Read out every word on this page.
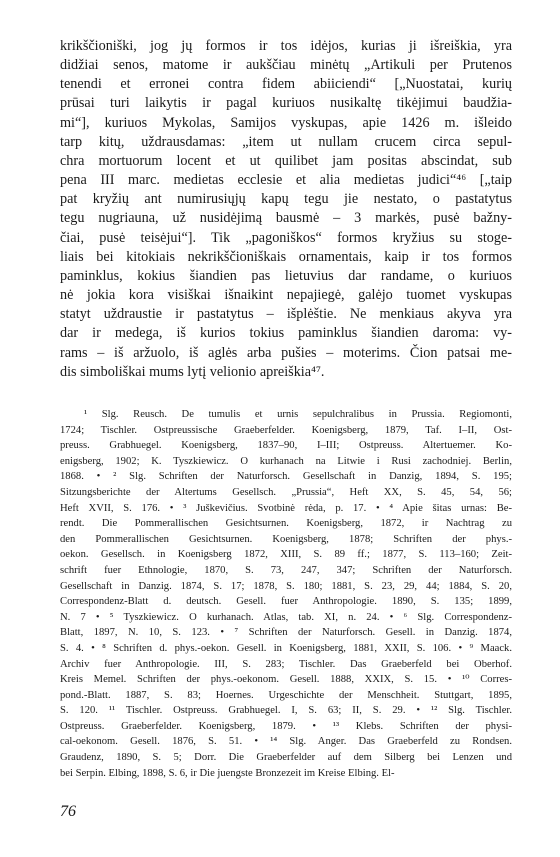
krikščioniški, jog jų formos ir tos idėjos, kurias ji išreiškia, yra
didžiai senos, matome ir aukščiau minėtų „Artikuli per Prutenos
tenendi et erronei contra fidem abiiciendi“ [„Nuostatai, kurių
prūsai turi laikytis ir pagal kuriuos nusikaltę tikėjimui baudžia-
mi“], kuriuos Mykolas, Samijos vyskupas, apie 1426 m. išleido
tarp kitų, uždrausdamas: „item ut nullam crucem circa sepul-
chra mortuorum locent et ut quilibet jam positas abscindat, sub
pena III marc. medietas ecclesie et alia medietas judici“⁴⁶ [„taip
pat kryžių ant numirusiųjų kapų tegu jie nestato, o pastatytus
tegu nugriauna, už nusidėjimą bausmė – 3 markės, pusė bažny-
čiai, pusė teisėjui“]. Tik „pagoniškos“ formos kryžius su stoge-
liais bei kitokiais nekrikščioniškais ornamentais, kaip ir tos formos
paminklus, kokius šiandien pas lietuvius dar randame, o kuriuos
nė jokia kora visiškai išnaikint nepajiegė, galėjo tuomet vyskupas
statyt uždraustie ir pastatytus – išplėštie. Ne menkiaus akyva yra
dar ir medega, iš kurios tokius paminklus šiandien daroma: vy-
rams – iš aržuolo, iš aglės arba pušies – moterims. Čion patsai me-
dis simboliškai mums lytį velionio apreiškia⁴⁷.
¹ Slg. Reusch. De tumulis et urnis sepulchralibus in Prussia. Regiomonti,
1724; Tischler. Ostpreussische Graeberfelder. Koenigsberg, 1879, Taf. I–II, Ost-
preuss. Grabhuegel. Koenigsberg, 1837–90, I–III; Ostpreuss. Altertuemer. Ko-
enigsberg, 1902; K. Tyszkiewicz. O kurhanach na Litwie i Rusi zachodniej. Berlin,
1868. • ² Slg. Schriften der Naturforsch. Gesellschaft in Danzig, 1894, S. 195;
Sitzungsberichte der Altertums Gesellsch. „Prussia“, Heft XX, S. 45, 54, 56;
Heft XVII, S. 176. • ³ Juškevičius. Svotbinė rėda, p. 17. • ⁴ Apie šitas urnas: Be-
rendt. Die Pommerallischen Gesichtsurnen. Koenigsberg, 1872, ir Nachtrag zu
den Pommerallischen Gesichtsurnen. Koenigsberg, 1878; Schriften der phys.-
oekon. Gesellsch. in Koenigsberg 1872, XIII, S. 89 ff.; 1877, S. 113–160; Zeit-
schrift fuer Ethnologie, 1870, S. 73, 247, 347; Schriften der Naturforsch.
Gesellschaft in Danzig. 1874, S. 17; 1878, S. 180; 1881, S. 23, 29, 44; 1884, S. 20,
Correspondenz-Blatt d. deutsch. Gesell. fuer Anthropologie. 1890, S. 135; 1899,
N. 7 • ⁵ Tyszkiewicz. O kurhanach. Atlas, tab. XI, n. 24. • ⁶ Slg. Correspondenz-
Blatt, 1897, N. 10, S. 123. • ⁷ Schriften der Naturforsch. Gesell. in Danzig. 1874,
S. 4. • ⁸ Schriften d. phys.-oekon. Gesell. in Koenigsberg, 1881, XXII, S. 106. • ⁹ Maack.
Archiv fuer Anthropologie. III, S. 283; Tischler. Das Graeberfeld bei Oberhof.
Kreis Memel. Schriften der phys.-oekonom. Gesell. 1888, XXIX, S. 15. • ¹⁰ Corres-
pond.-Blatt. 1887, S. 83; Hoernes. Urgeschichte der Menschheit. Stuttgart, 1895,
S. 120. ¹¹ Tischler. Ostpreuss. Grabhuegel. I, S. 63; II, S. 29. • ¹² Slg. Tischler.
Ostpreuss. Graeberfelder. Koenigsberg, 1879. • ¹³ Klebs. Schriften der physi-
cal-oekonom. Gesell. 1876, S. 51. • ¹⁴ Slg. Anger. Das Graeberfeld zu Rondsen.
Graudenz, 1890, S. 5; Dorr. Die Graeberfelder auf dem Silberg bei Lenzen und
bei Serpin. Elbing, 1898, S. 6, ir Die juengste Bronzezeit im Kreise Elbing. El-
76
